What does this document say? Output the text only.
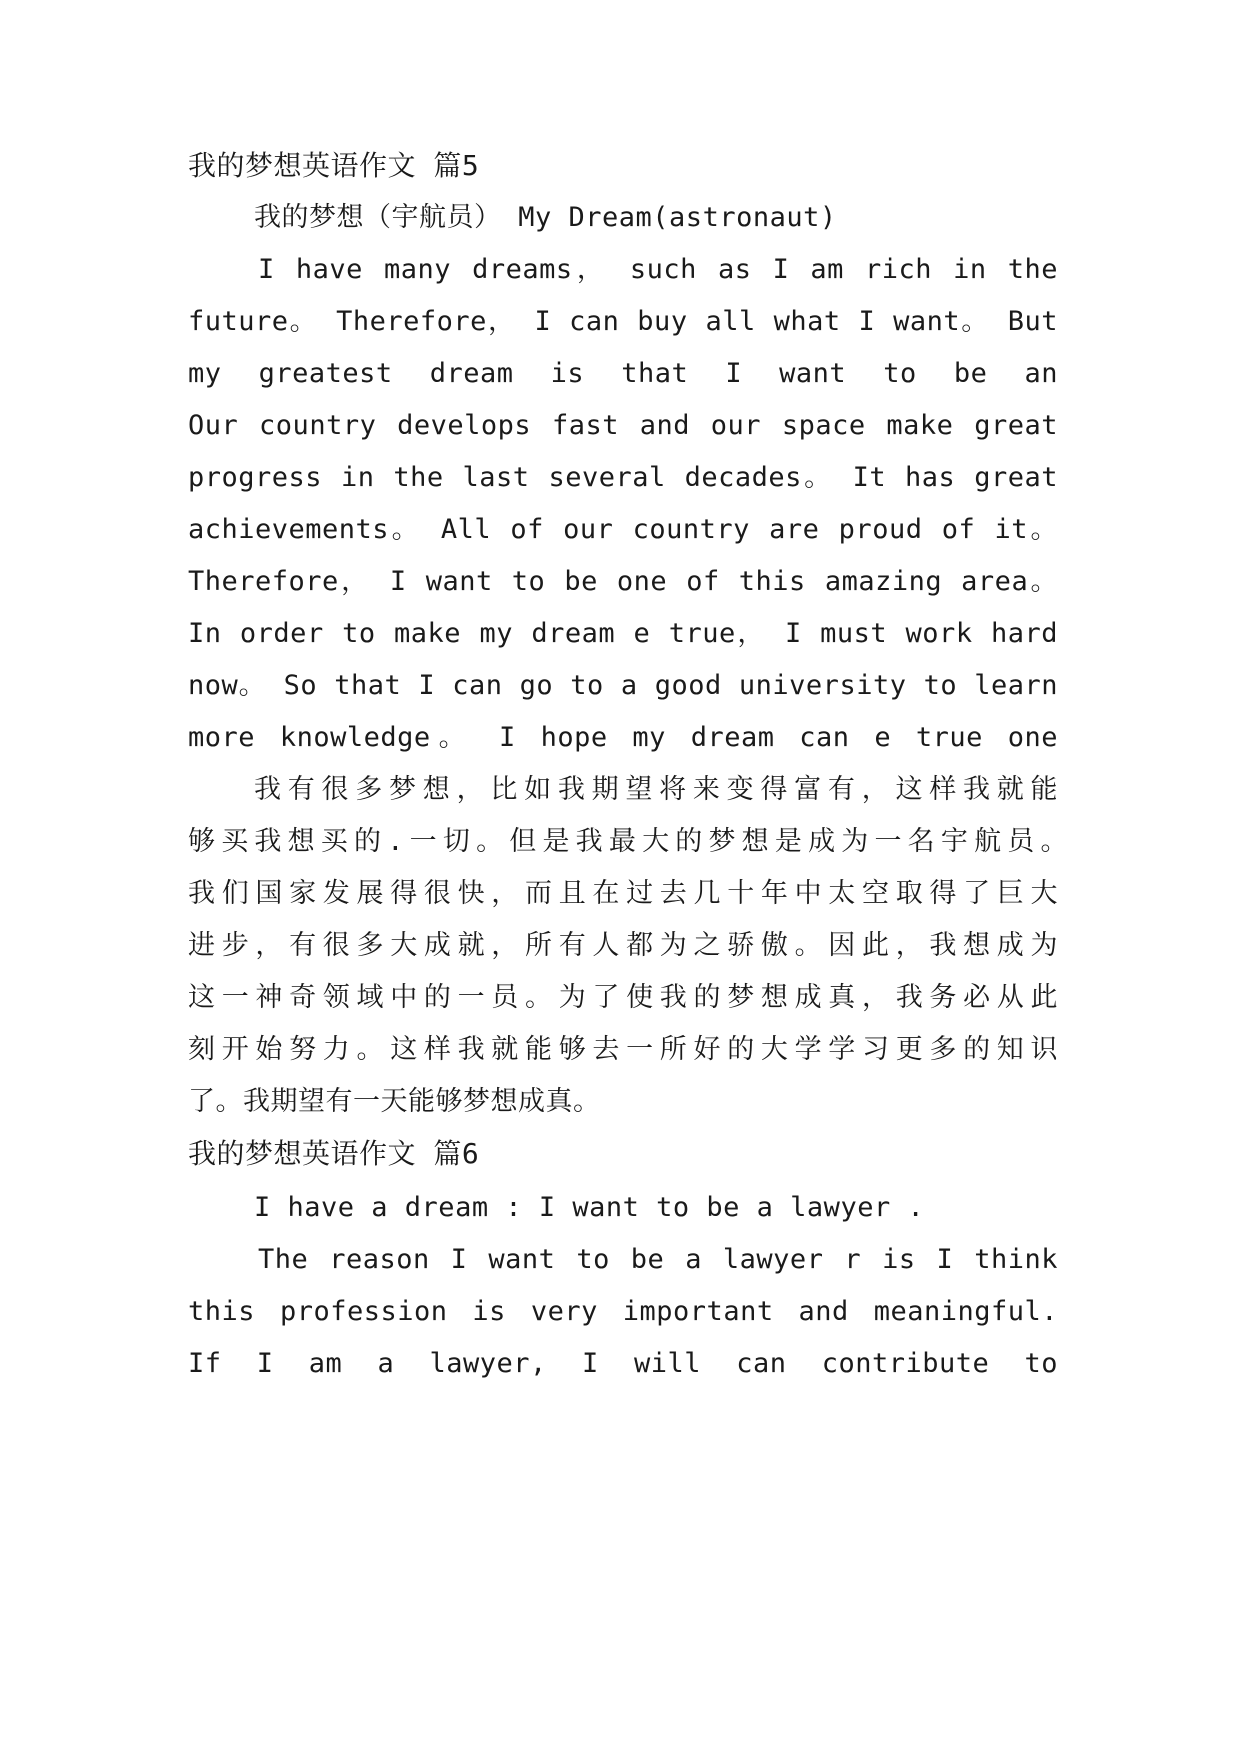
我的梦想英语作文 篇5
我的梦想（宇航员） My Dream(astronaut)
I have many dreams， such as I am rich in the
future。 Therefore， I can buy all what I want。 But
my greatest dream is that I want to be an
Our country develops fast and our space make great
progress in the last several decades。 It has great
achievements。 All of our country are proud of it。
Therefore， I want to be one of this amazing area。
In order to make my dream e true， I must work hard
now。 So that I can go to a good university to learn
more knowledge。 I hope my dream can e true one
我有很多梦想，比如我期望将来变得富有，这样我就能
够买我想买的.一切。但是我最大的梦想是成为一名宇航员。
我们国家发展得很快，而且在过去几十年中太空取得了巨大
进步，有很多大成就，所有人都为之骄傲。因此，我想成为
这一神奇领域中的一员。为了使我的梦想成真，我务必从此
刻开始努力。这样我就能够去一所好的大学学习更多的知识
了。我期望有一天能够梦想成真。
我的梦想英语作文 篇6
I have a dream : I want to be a lawyer .
The reason I want to be a lawyer r is I think
this profession is very important and meaningful.
If I am a lawyer, I will can contribute to
